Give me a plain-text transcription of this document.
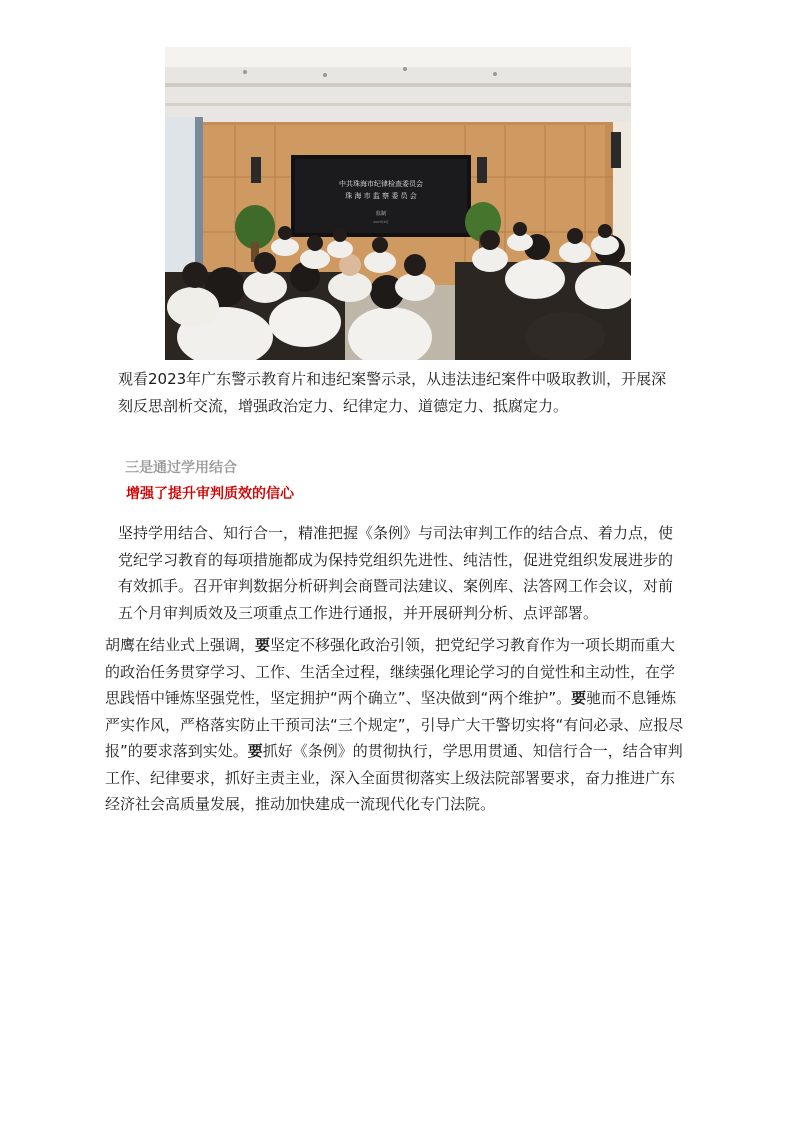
中共珠海市纪律检查委员会
珠 海 市 监 察 委 员 会
监制
2023年8月
观看2023年广东警示教育片和违纪案警示录，从违法违纪案件中吸取教训，开展深刻反思剖析交流，增强政治定力、纪律定力、道德定力、抵腐定力。
三是通过学用结合
增强了提升审判质效的信心
坚持学用结合、知行合一，精准把握《条例》与司法审判工作的结合点、着力点，使党纪学习教育的每项措施都成为保持党组织先进性、纯洁性，促进党组织发展进步的有效抓手。召开审判数据分析研判会商暨司法建议、案例库、法答网工作会议，对前五个月审判质效及三项重点工作进行通报，并开展研判分析、点评部署。
胡鹰在结业式上强调，要坚定不移强化政治引领，把党纪学习教育作为一项长期而重大的政治任务贯穿学习、工作、生活全过程，继续强化理论学习的自觉性和主动性，在学思践悟中锤炼坚强党性，坚定拥护“两个确立”、坚决做到“两个维护”。要驰而不息锤炼严实作风，严格落实防止干预司法“三个规定”，引导广大干警切实将“有问必录、应报尽报”的要求落到实处。要抓好《条例》的贯彻执行，学思用贯通、知信行合一，结合审判工作、纪律要求，抓好主责主业，深入全面贯彻落实上级法院部署要求，奋力推进广东经济社会高质量发展，推动加快建成一流现代化专门法院。
